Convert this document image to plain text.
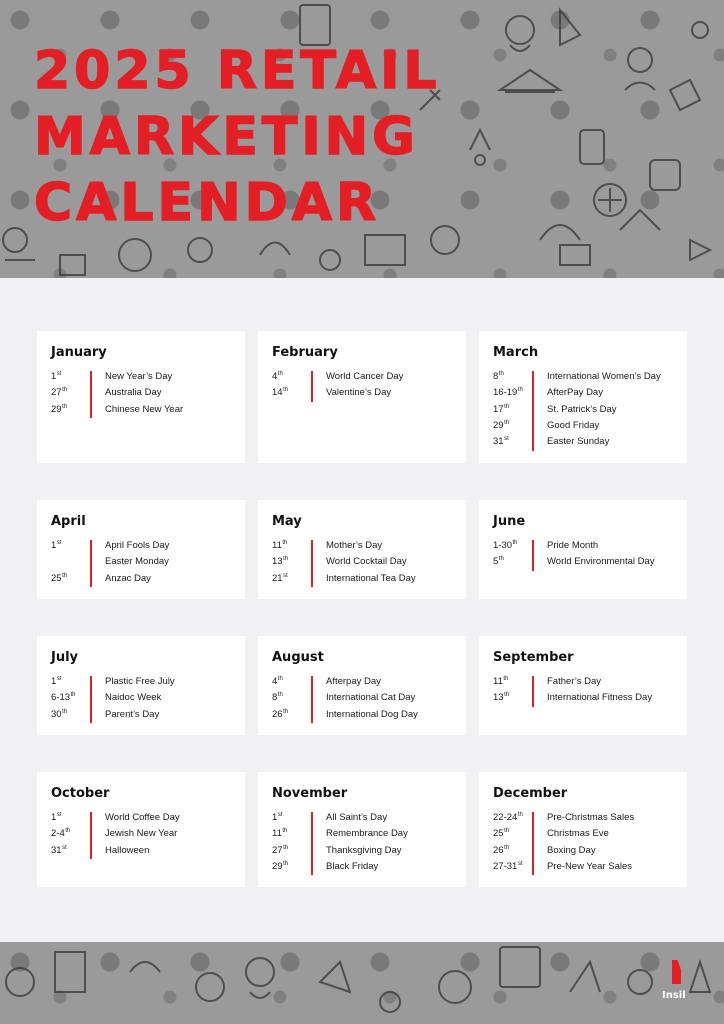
2025 RETAIL
MARKETING
CALENDAR
January
1st	New Year’s Day
27th	Australia Day
29th	Chinese New Year
February
4th	World Cancer Day
14th	Valentine’s Day
March
8th	International Women’s Day
16-19th	AfterPay Day
17th	St. Patrick’s Day
29th	Good Friday
31st	Easter Sunday
April
1st	April Fools Day
Easter Monday
25th	Anzac Day
May
11th	Mother’s Day
13th	World Cocktail Day
21st	International Tea Day
June
1-30th	Pride Month
5th	World Environmental Day
July
1st	Plastic Free July
6-13th	Naidoc Week
30th	Parent’s Day
August
4th	Afterpay Day
8th	International Cat Day
26th	International Dog Day
September
11th	Father’s Day
13th	International Fitness Day
October
1st	World Coffee Day
2-4th	Jewish New Year
31st	Halloween
November
1st	All Saint’s Day
11th	Remembrance Day
27th	Thanksgiving Day
29th	Black Friday
December
22-24th	Pre-Christmas Sales
25th	Christmas Eve
26th	Boxing Day
27-31st	Pre-New Year Sales
Insil
